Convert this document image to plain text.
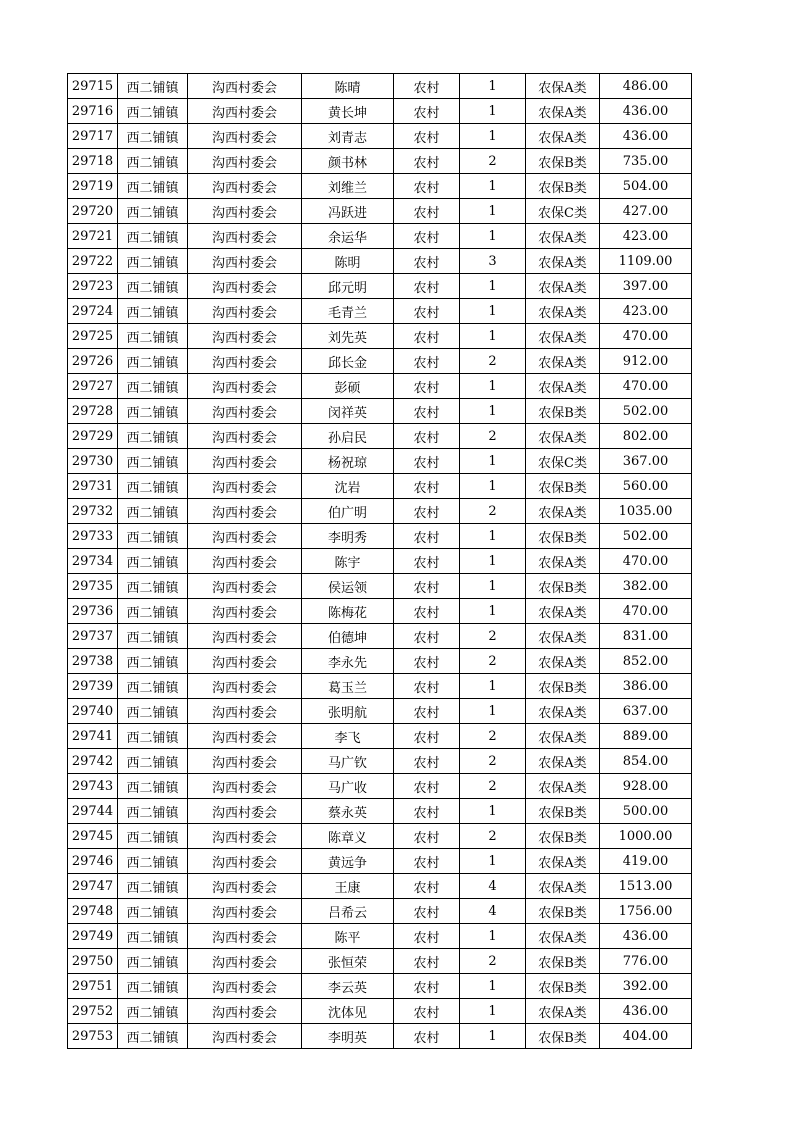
29715	西二铺镇	沟西村委会	陈晴	农村	1	农保A类	486.00
29716	西二铺镇	沟西村委会	黄长坤	农村	1	农保A类	436.00
29717	西二铺镇	沟西村委会	刘青志	农村	1	农保A类	436.00
29718	西二铺镇	沟西村委会	颜书林	农村	2	农保B类	735.00
29719	西二铺镇	沟西村委会	刘维兰	农村	1	农保B类	504.00
29720	西二铺镇	沟西村委会	冯跃进	农村	1	农保C类	427.00
29721	西二铺镇	沟西村委会	余运华	农村	1	农保A类	423.00
29722	西二铺镇	沟西村委会	陈明	农村	3	农保A类	1109.00
29723	西二铺镇	沟西村委会	邱元明	农村	1	农保A类	397.00
29724	西二铺镇	沟西村委会	毛青兰	农村	1	农保A类	423.00
29725	西二铺镇	沟西村委会	刘先英	农村	1	农保A类	470.00
29726	西二铺镇	沟西村委会	邱长金	农村	2	农保A类	912.00
29727	西二铺镇	沟西村委会	彭硕	农村	1	农保A类	470.00
29728	西二铺镇	沟西村委会	闵祥英	农村	1	农保B类	502.00
29729	西二铺镇	沟西村委会	孙启民	农村	2	农保A类	802.00
29730	西二铺镇	沟西村委会	杨祝琼	农村	1	农保C类	367.00
29731	西二铺镇	沟西村委会	沈岩	农村	1	农保B类	560.00
29732	西二铺镇	沟西村委会	伯广明	农村	2	农保A类	1035.00
29733	西二铺镇	沟西村委会	李明秀	农村	1	农保B类	502.00
29734	西二铺镇	沟西村委会	陈宇	农村	1	农保A类	470.00
29735	西二铺镇	沟西村委会	侯运领	农村	1	农保B类	382.00
29736	西二铺镇	沟西村委会	陈梅花	农村	1	农保A类	470.00
29737	西二铺镇	沟西村委会	伯德坤	农村	2	农保A类	831.00
29738	西二铺镇	沟西村委会	李永先	农村	2	农保A类	852.00
29739	西二铺镇	沟西村委会	葛玉兰	农村	1	农保B类	386.00
29740	西二铺镇	沟西村委会	张明航	农村	1	农保A类	637.00
29741	西二铺镇	沟西村委会	李飞	农村	2	农保A类	889.00
29742	西二铺镇	沟西村委会	马广钦	农村	2	农保A类	854.00
29743	西二铺镇	沟西村委会	马广收	农村	2	农保A类	928.00
29744	西二铺镇	沟西村委会	蔡永英	农村	1	农保B类	500.00
29745	西二铺镇	沟西村委会	陈章义	农村	2	农保B类	1000.00
29746	西二铺镇	沟西村委会	黄远争	农村	1	农保A类	419.00
29747	西二铺镇	沟西村委会	王康	农村	4	农保A类	1513.00
29748	西二铺镇	沟西村委会	吕希云	农村	4	农保B类	1756.00
29749	西二铺镇	沟西村委会	陈平	农村	1	农保A类	436.00
29750	西二铺镇	沟西村委会	张恒荣	农村	2	农保B类	776.00
29751	西二铺镇	沟西村委会	李云英	农村	1	农保B类	392.00
29752	西二铺镇	沟西村委会	沈体见	农村	1	农保A类	436.00
29753	西二铺镇	沟西村委会	李明英	农村	1	农保B类	404.00
